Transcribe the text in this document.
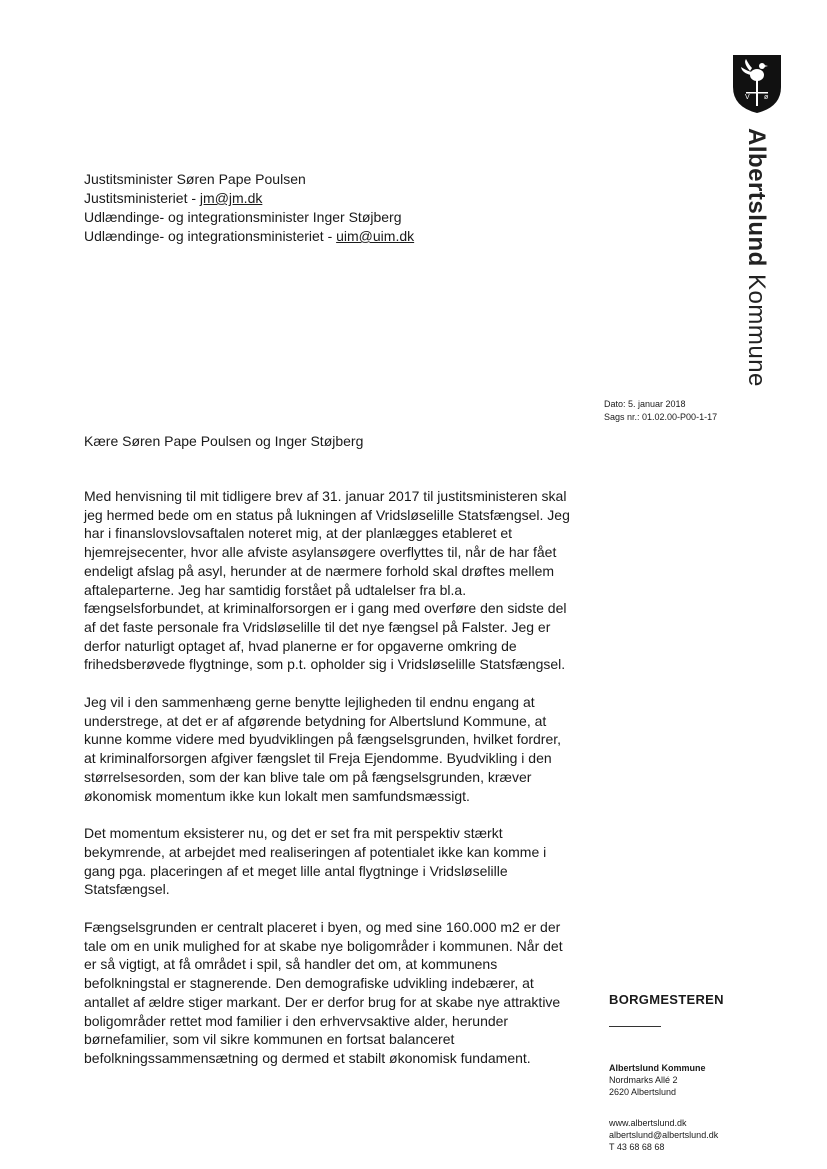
V ø
Albertslund Kommune
Justitsminister Søren Pape Poulsen
Justitsministeriet - jm@jm.dk
Udlændinge- og integrationsminister Inger Støjberg
Udlændinge- og integrationsministeriet - uim@uim.dk
Dato: 5. januar 2018
Sags nr.: 01.02.00-P00-1-17
Kære Søren Pape Poulsen og Inger Støjberg

Med henvisning til mit tidligere brev af 31. januar 2017 til justitsministeren skal jeg hermed bede om en status på lukningen af Vridsløselille Statsfængsel. Jeg har i finanslovslovsaftalen noteret mig, at der planlægges etableret et hjemrejsecenter, hvor alle afviste asylansøgere overflyttes til, når de har fået endeligt afslag på asyl, herunder at de nærmere forhold skal drøftes mellem aftaleparterne. Jeg har samtidig forstået på udtalelser fra bl.a. fængselsforbundet, at kriminalforsorgen er i gang med overføre den sidste del af det faste personale fra Vridsløselille til det nye fængsel på Falster. Jeg er derfor naturligt optaget af, hvad planerne er for opgaverne omkring de frihedsberøvede flygtninge, som p.t. opholder sig i Vridsløselille Statsfængsel.

Jeg vil i den sammenhæng gerne benytte lejligheden til endnu engang at understrege, at det er af afgørende betydning for Albertslund Kommune, at kunne komme videre med byudviklingen på fængselsgrunden, hvilket fordrer, at kriminalforsorgen afgiver fængslet til Freja Ejendomme. Byudvikling i den størrelsesorden, som der kan blive tale om på fængselsgrunden, kræver økonomisk momentum ikke kun lokalt men samfundsmæssigt.

Det momentum eksisterer nu, og det er set fra mit perspektiv stærkt bekymrende, at arbejdet med realiseringen af potentialet ikke kan komme i gang pga. placeringen af et meget lille antal flygtninge i Vridsløselille Statsfængsel.

Fængselsgrunden er centralt placeret i byen, og med sine 160.000 m2 er der tale om en unik mulighed for at skabe nye boligområder i kommunen. Når det er så vigtigt, at få området i spil, så handler det om, at kommunens befolkningstal er stagnerende. Den demografiske udvikling indebærer, at antallet af ældre stiger markant. Der er derfor brug for at skabe nye attraktive boligområder rettet mod familier i den erhvervsaktive alder, herunder børnefamilier, som vil sikre kommunen en fortsat balanceret befolkningssammensætning og dermed et stabilt økonomisk fundament.

BORGMESTEREN
Albertslund Kommune
Nordmarks Allé 2
2620 Albertslund
www.albertslund.dk
albertslund@albertslund.dk
T 43 68 68 68
